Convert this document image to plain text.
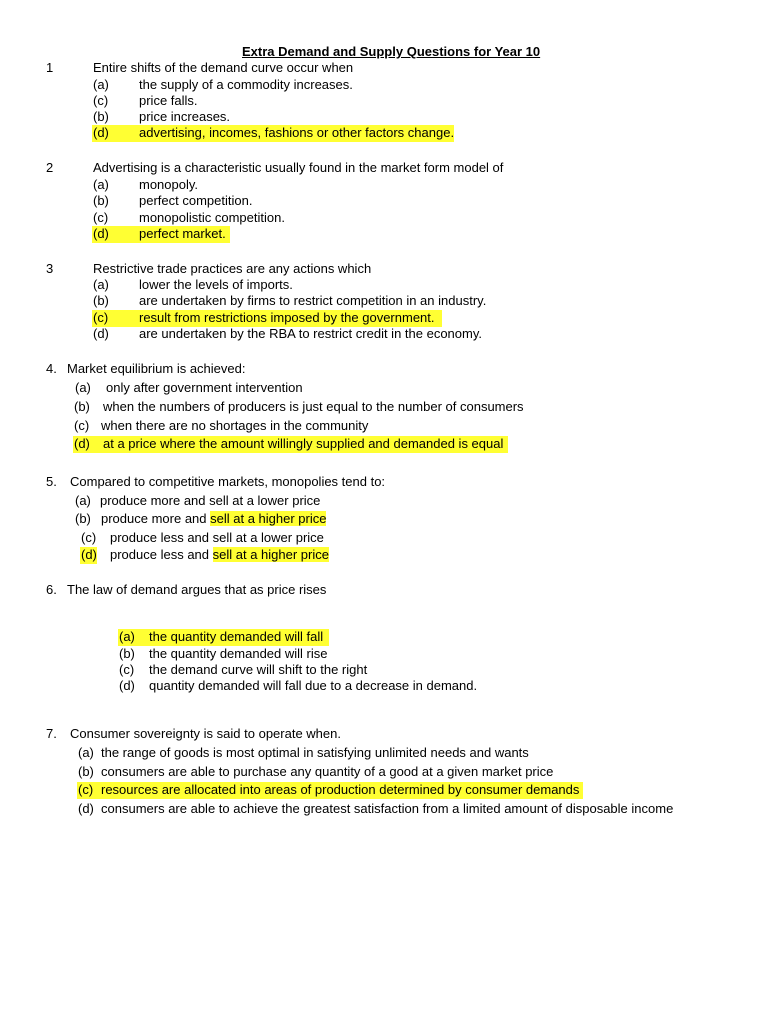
Extra Demand and Supply Questions for Year 10
1	Entire shifts of the demand curve occur when
(a) the supply of a commodity increases.
(c) price falls.
(b) price increases.
(d) advertising, incomes, fashions or other factors change.
2	Advertising is a characteristic usually found in the market form model of
(a) monopoly.
(b) perfect competition.
(c) monopolistic competition.
(d) perfect market.
3	Restrictive trade practices are any actions which
(a) lower the levels of imports.
(b) are undertaken by firms to restrict competition in an industry.
(c) result from restrictions imposed by the government.
(d) are undertaken by the RBA to restrict credit in the economy.
4. Market equilibrium is achieved:
(a) only after government intervention
(b) when the numbers of producers is just equal to the number of consumers
(c) when there are no shortages in the community
(d) at a price where the amount willingly supplied and demanded is equal
5. Compared to competitive markets, monopolies tend to:
(a) produce more and sell at a lower price
(b) produce more and sell at a higher price
(c) produce less and sell at a lower price
(d) produce less and sell at a higher price
6. The law of demand argues that as price rises
(a) the quantity demanded will fall
(b) the quantity demanded will rise
(c) the demand curve will shift to the right
(d) quantity demanded will fall due to a decrease in demand.
7. Consumer sovereignty is said to operate when.
(a) the range of goods is most optimal in satisfying unlimited needs and wants
(b) consumers are able to purchase any quantity of a good at a given market price
(c) resources are allocated into areas of production determined by consumer demands
(d) consumers are able to achieve the greatest satisfaction from a limited amount of disposable income
